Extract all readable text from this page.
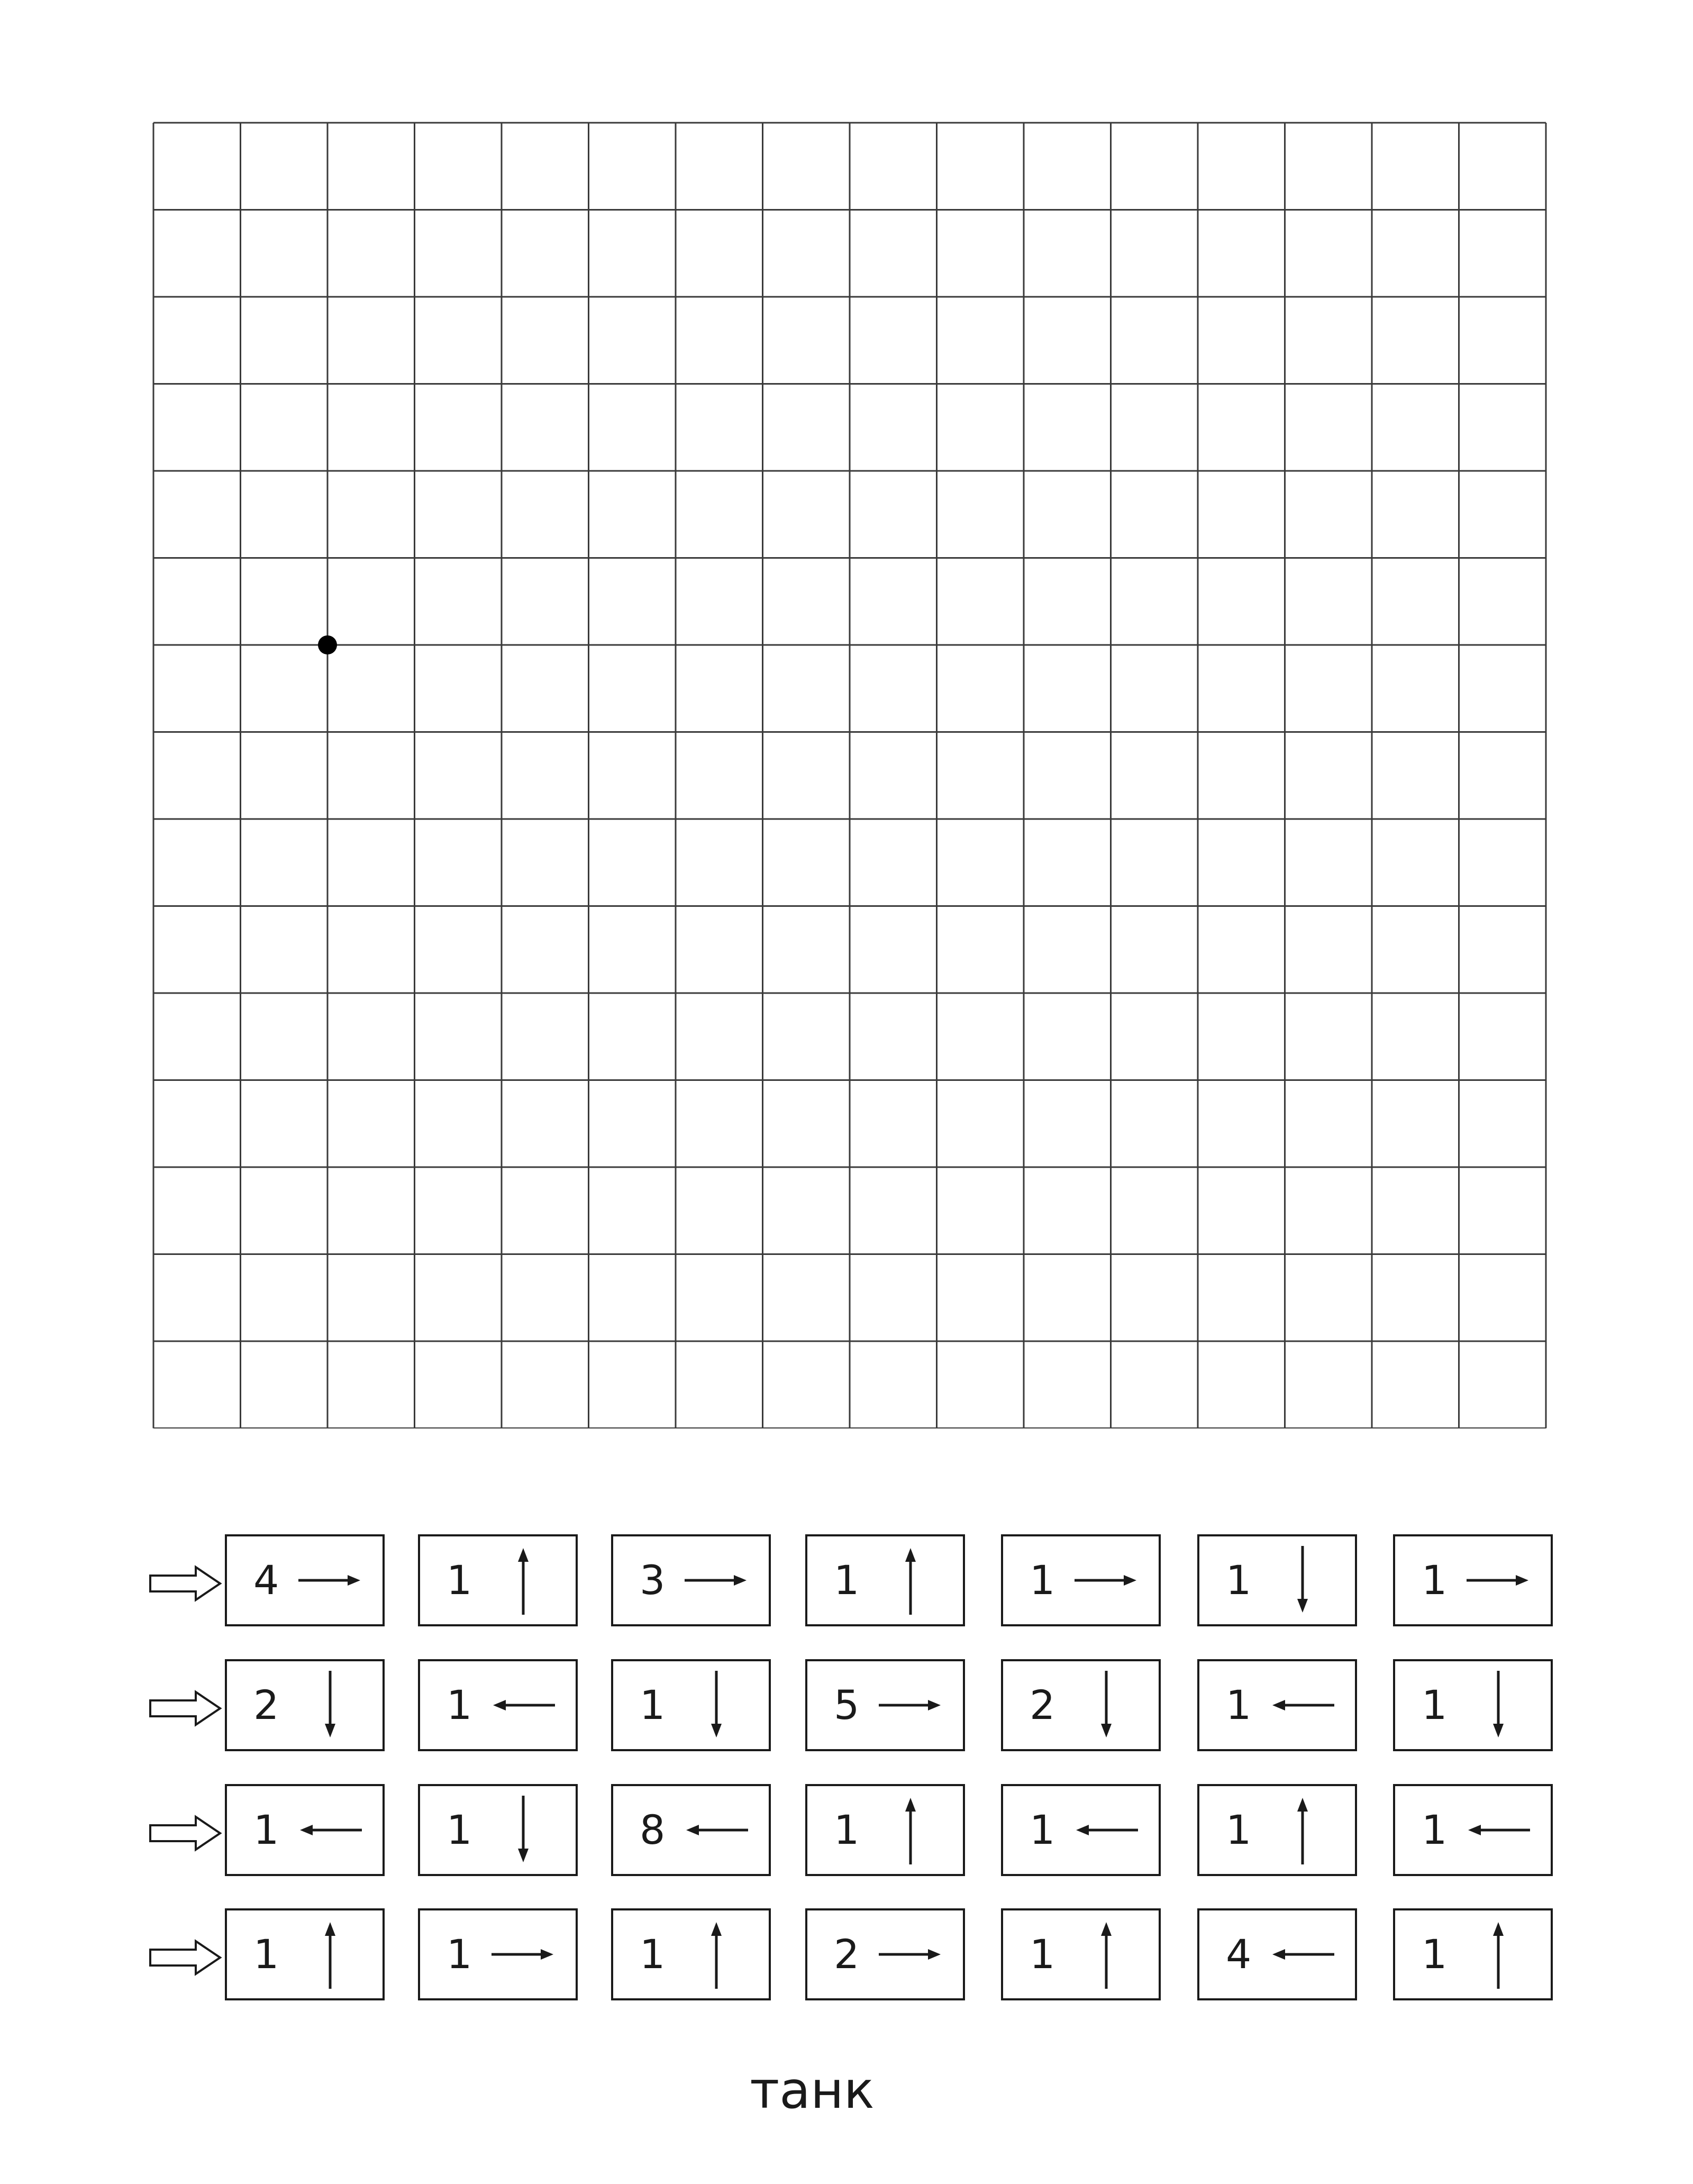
4	1	3	1	1	1	1
2	1	1	5	2	1	1
1	1	8	1	1	1	1
1	1	1	2	1	4	1
танк
